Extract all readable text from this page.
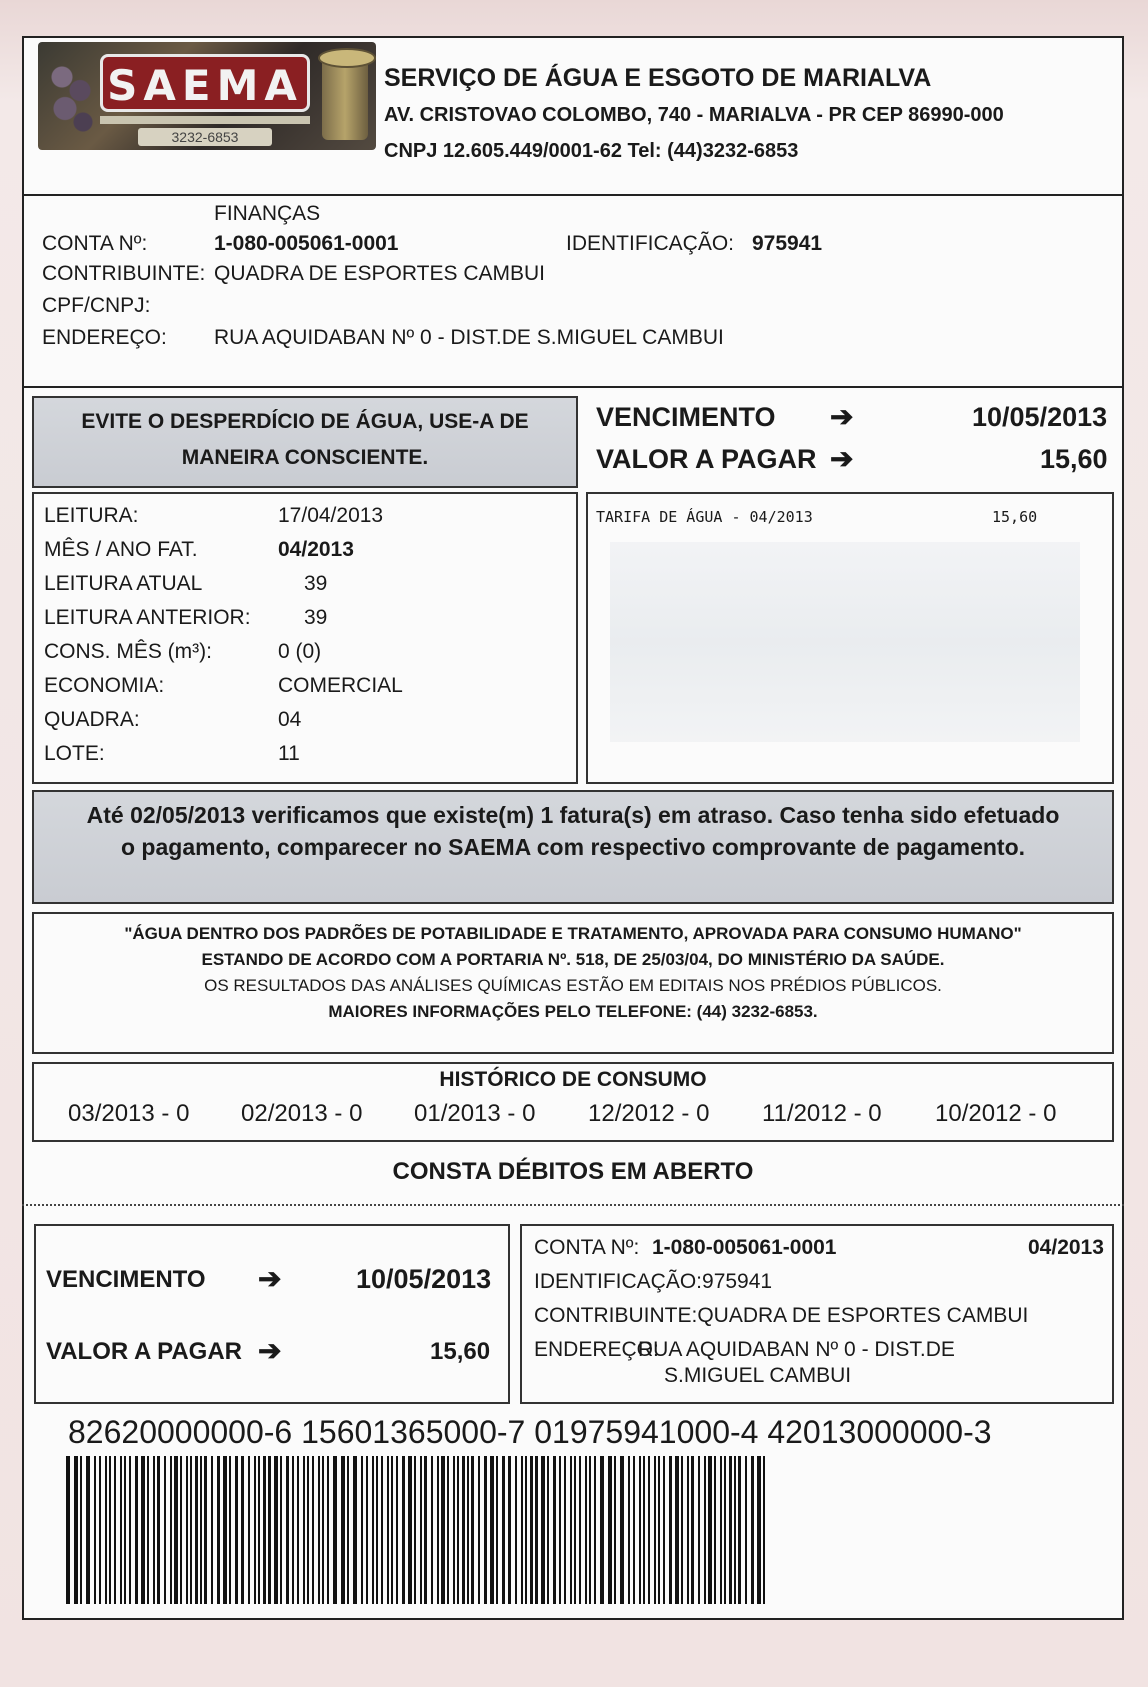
SAEMA
3232-6853
SERVIÇO DE ÁGUA E ESGOTO DE MARIALVA
AV. CRISTOVAO COLOMBO, 740 - MARIALVA - PR CEP 86990-000
CNPJ 12.605.449/0001-62 Tel: (44)3232-6853
FINANÇAS
CONTA Nº:	1-080-005061-0001	IDENTIFICAÇÃO: 975941
CONTRIBUINTE: QUADRA DE ESPORTES CAMBUI
CPF/CNPJ:
ENDEREÇO: RUA AQUIDABAN Nº 0 - DIST.DE S.MIGUEL CAMBUI
EVITE O DESPERDÍCIO DE ÁGUA, USE-A DE
MANEIRA CONSCIENTE.
VENCIMENTO ➔	10/05/2013
VALOR A PAGAR ➔	15,60
LEITURA:	17/04/2013
MÊS / ANO FAT.	04/2013
LEITURA ATUAL	39
LEITURA ANTERIOR:	39
CONS. MÊS (m³):	0 (0)
ECONOMIA:	COMERCIAL
QUADRA:	04
LOTE:	11
TARIFA DE ÁGUA - 04/2013	15,60
Até 02/05/2013 verificamos que existe(m) 1 fatura(s) em atraso. Caso tenha sido efetuado
o pagamento, comparecer no SAEMA com respectivo comprovante de pagamento.
"ÁGUA DENTRO DOS PADRÕES DE POTABILIDADE E TRATAMENTO, APROVADA PARA CONSUMO HUMANO"
ESTANDO DE ACORDO COM A PORTARIA Nº. 518, DE 25/03/04, DO MINISTÉRIO DA SAÚDE.
OS RESULTADOS DAS ANÁLISES QUÍMICAS ESTÃO EM EDITAIS NOS PRÉDIOS PÚBLICOS.
MAIORES INFORMAÇÕES PELO TELEFONE: (44) 3232-6853.
HISTÓRICO DE CONSUMO
03/2013 - 0 02/2013 - 0 01/2013 - 0 12/2012 - 0 11/2012 - 0 10/2012 - 0
CONSTA DÉBITOS EM ABERTO
VENCIMENTO ➔	10/05/2013
VALOR A PAGAR ➔	15,60
CONTA Nº: 1-080-005061-0001	04/2013
IDENTIFICAÇÃO:975941
CONTRIBUINTE:QUADRA DE ESPORTES CAMBUI
ENDEREÇO:
RUA AQUIDABAN Nº 0 - DIST.DE
S.MIGUEL CAMBUI
82620000000-6 15601365000-7 01975941000-4 42013000000-3
